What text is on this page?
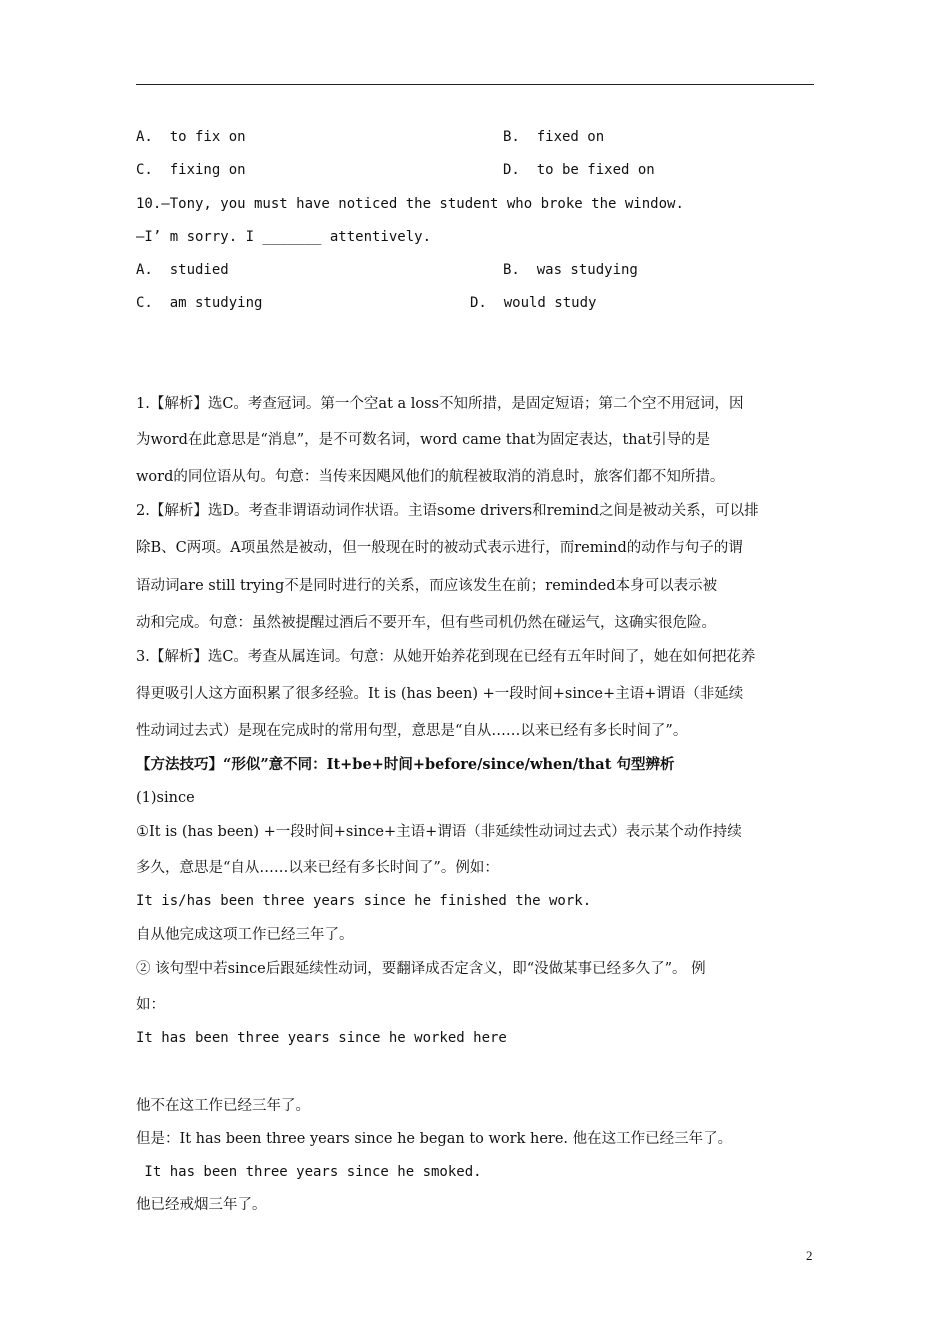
A.  to fix on	B.  fixed on
C.  fixing on	D.  to be fixed on
10.—Tony, you must have noticed the student who broke the window.
—I’ m sorry. I _______ attentively.
A.  studied	B.  was studying
C.  am studying	D.  would study
1.【解析】选C。考查冠词。第一个空at a loss不知所措，是固定短语；第二个空不用冠词，因
为word在此意思是“消息”，是不可数名词，word came that为固定表达，that引导的是
word的同位语从句。句意：当传来因飓风他们的航程被取消的消息时，旅客们都不知所措。
2.【解析】选D。考查非谓语动词作状语。主语some drivers和remind之间是被动关系，可以排
除B、C两项。A项虽然是被动，但一般现在时的被动式表示进行，而remind的动作与句子的谓
语动词are still trying不是同时进行的关系，而应该发生在前；reminded本身可以表示被
动和完成。句意：虽然被提醒过酒后不要开车，但有些司机仍然在碰运气，这确实很危险。
3.【解析】选C。考查从属连词。句意：从她开始养花到现在已经有五年时间了，她在如何把花养
得更吸引人这方面积累了很多经验。It is (has been) +一段时间+since+主语+谓语（非延续
性动词过去式）是现在完成时的常用句型，意思是“自从……以来已经有多长时间了”。
【方法技巧】“形似”意不同：It+be+时间+before/since/when/that 句型辨析
(1)since
①It is (has been) +一段时间+since+主语+谓语（非延续性动词过去式）表示某个动作持续
多久，意思是“自从……以来已经有多长时间了”。例如：
It is/has been three years since he finished the work.
自从他完成这项工作已经三年了。
② 该句型中若since后跟延续性动词，要翻译成否定含义，即“没做某事已经多久了”。 例
如：
It has been three years since he worked here
他不在这工作已经三年了。
但是：It has been three years since he began to work here. 他在这工作已经三年了。
It has been three years since he smoked.
他已经戒烟三年了。
2
